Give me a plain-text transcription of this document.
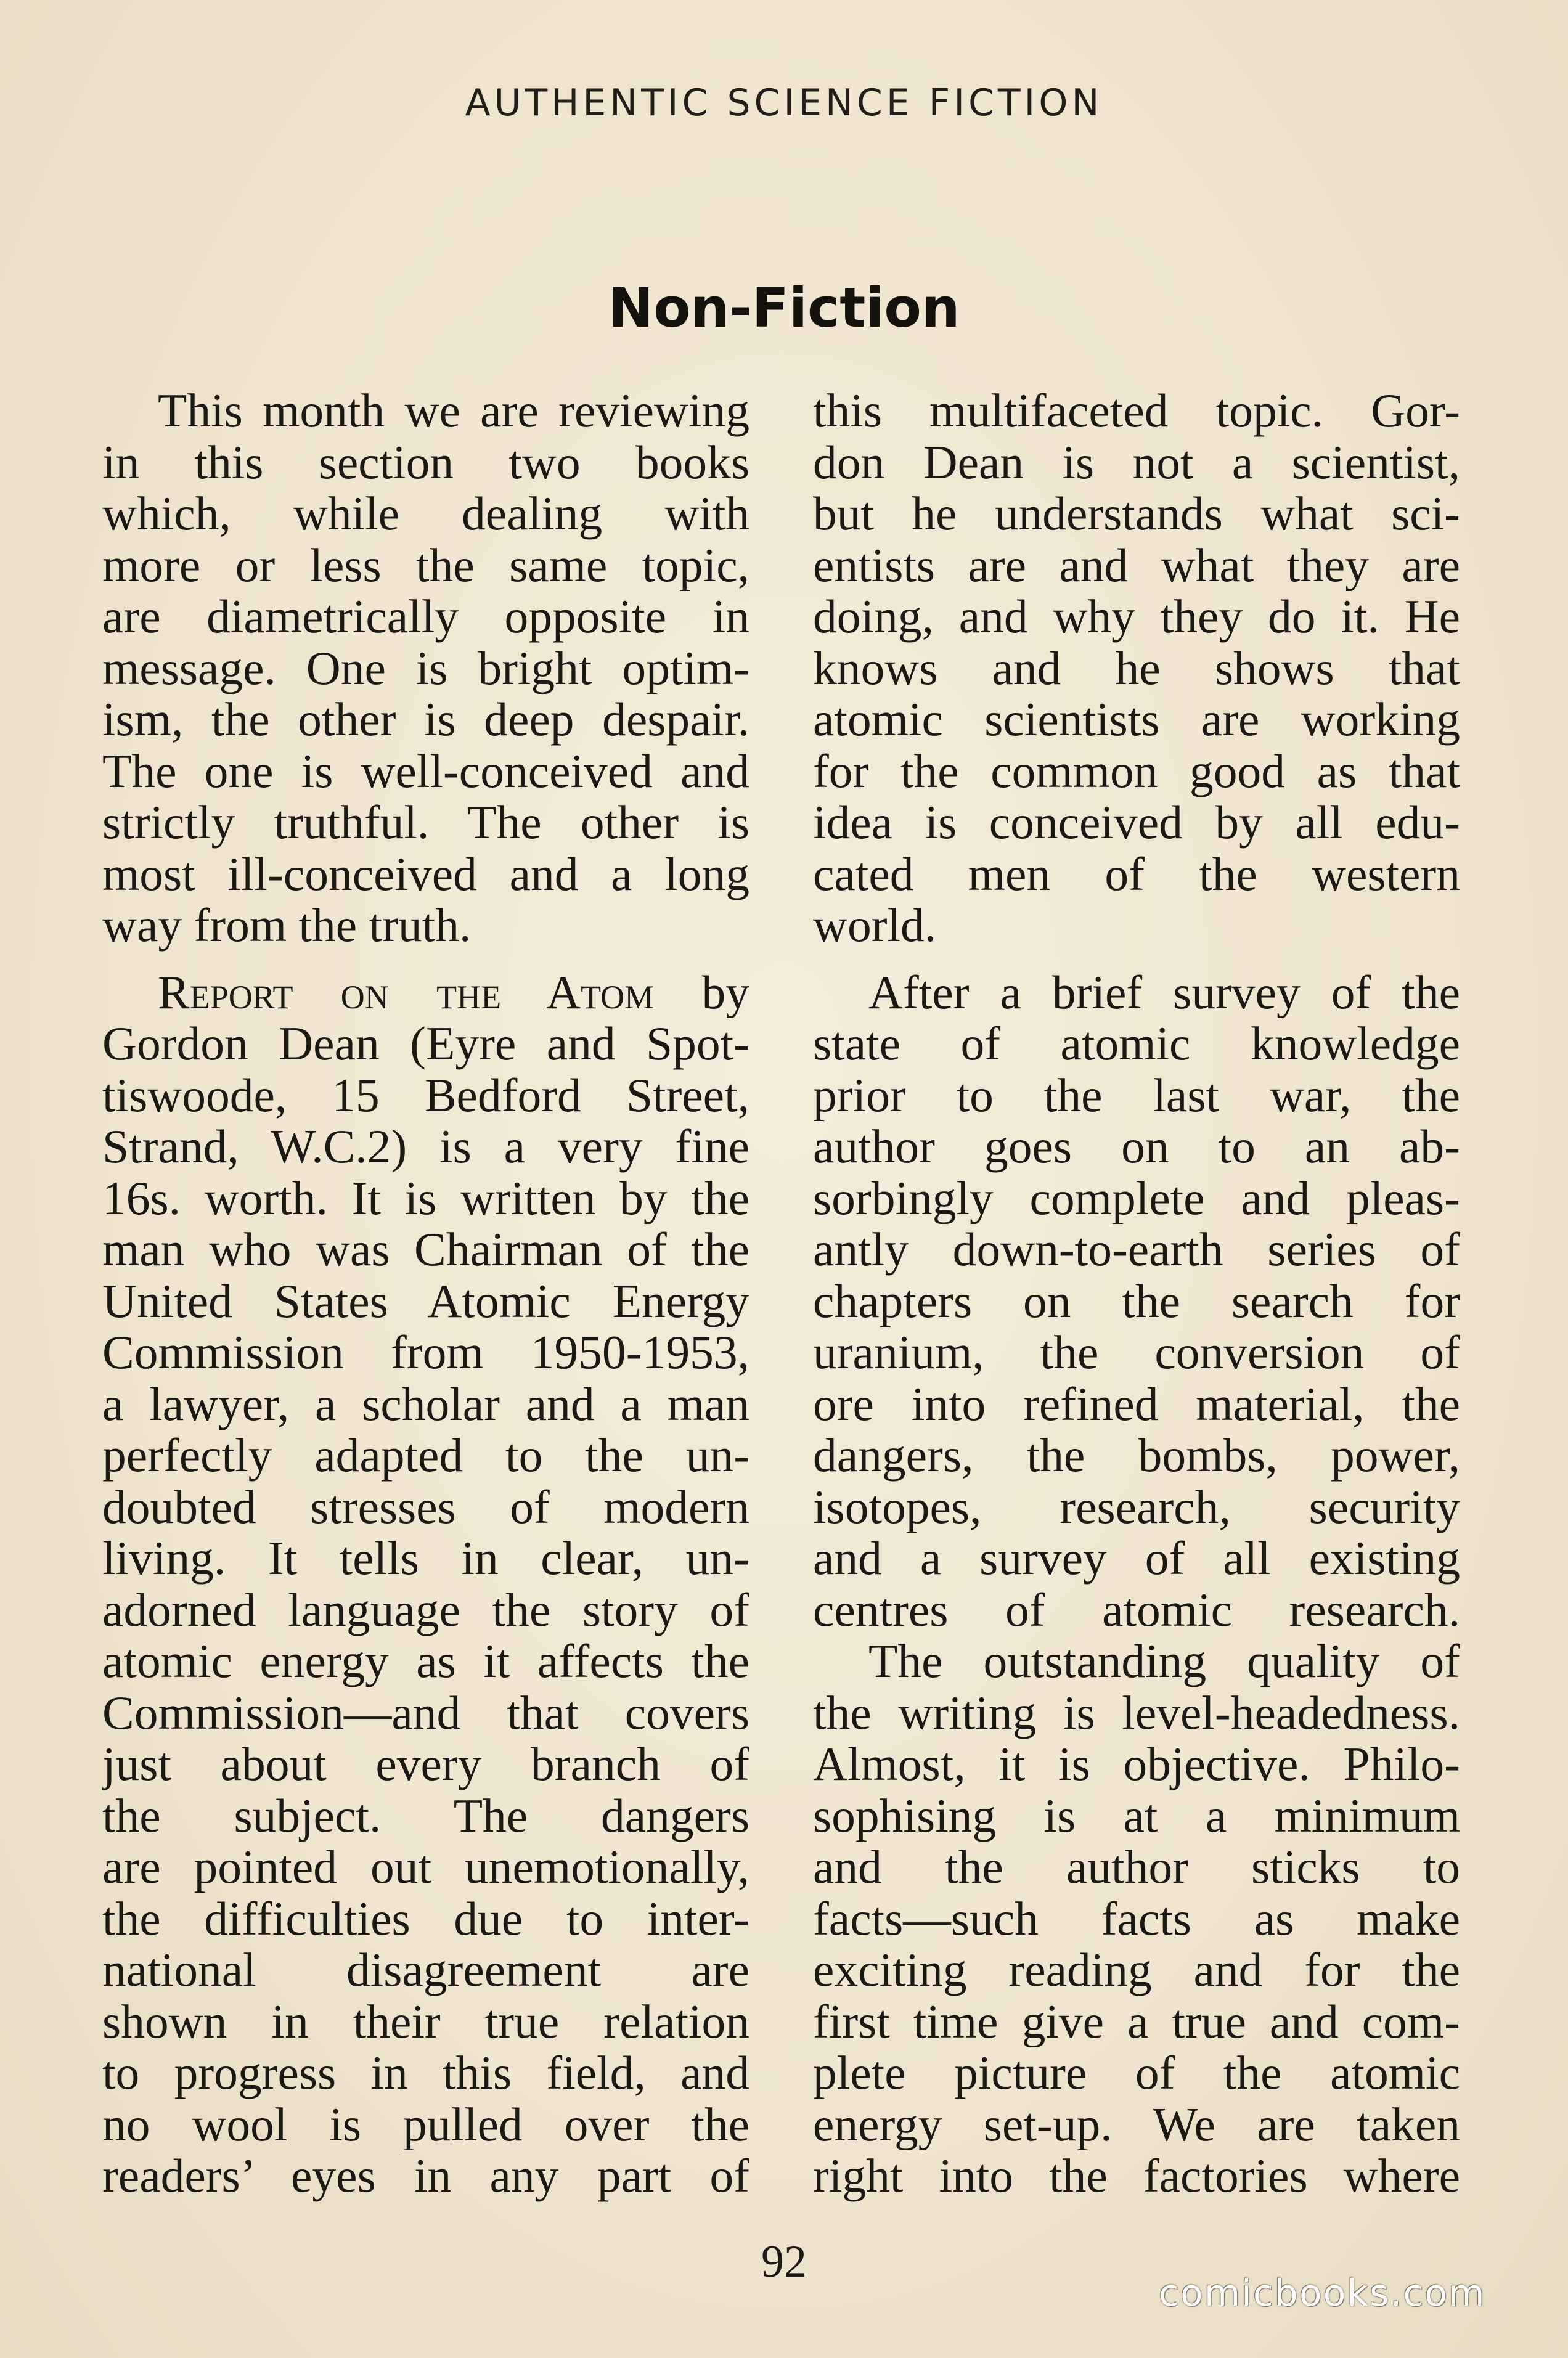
AUTHENTIC SCIENCE FICTION
Non-Fiction
This month we are reviewing
in this section two books
which, while dealing with
more or less the same topic,
are diametrically opposite in
message. One is bright optim-
ism, the other is deep despair.
The one is well-conceived and
strictly truthful. The other is
most ill-conceived and a long
way from the truth.
Report on the Atom by
Gordon Dean (Eyre and Spot-
tiswoode, 15 Bedford Street,
Strand, W.C.2) is a very fine
16s. worth. It is written by the
man who was Chairman of the
United States Atomic Energy
Commission from 1950-1953,
a lawyer, a scholar and a man
perfectly adapted to the un-
doubted stresses of modern
living. It tells in clear, un-
adorned language the story of
atomic energy as it affects the
Commission—and that covers
just about every branch of
the subject. The dangers
are pointed out unemotionally,
the difficulties due to inter-
national disagreement are
shown in their true relation
to progress in this field, and
no wool is pulled over the
readers’ eyes in any part of
this multifaceted topic. Gor-
don Dean is not a scientist,
but he understands what sci-
entists are and what they are
doing, and why they do it. He
knows and he shows that
atomic scientists are working
for the common good as that
idea is conceived by all edu-
cated men of the western
world.
After a brief survey of the
state of atomic knowledge
prior to the last war, the
author goes on to an ab-
sorbingly complete and pleas-
antly down-to-earth series of
chapters on the search for
uranium, the conversion of
ore into refined material, the
dangers, the bombs, power,
isotopes, research, security
and a survey of all existing
centres of atomic research.
The outstanding quality of
the writing is level-headedness.
Almost, it is objective. Philo-
sophising is at a minimum
and the author sticks to
facts—such facts as make
exciting reading and for the
first time give a true and com-
plete picture of the atomic
energy set-up. We are taken
right into the factories where
92
comicbooks.com
